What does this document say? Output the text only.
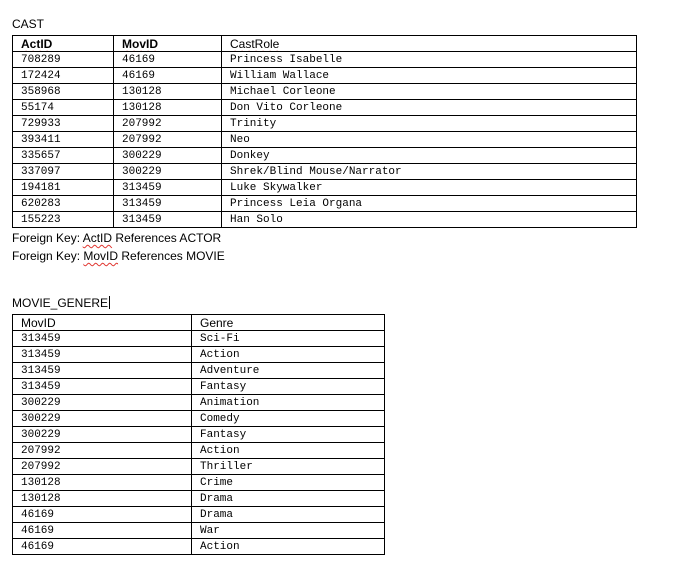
CAST
ActID	MovID	CastRole
708289	46169	Princess Isabelle
172424	46169	William Wallace
358968	130128	Michael Corleone
55174	130128	Don Vito Corleone
729933	207992	Trinity
393411	207992	Neo
335657	300229	Donkey
337097	300229	Shrek/Blind Mouse/Narrator
194181	313459	Luke Skywalker
620283	313459	Princess Leia Organa
155223	313459	Han Solo
Foreign Key: ActID References ACTOR
Foreign Key: MovID References MOVIE
MOVIE_GENERE
MovID	Genre
313459	Sci-Fi
313459	Action
313459	Adventure
313459	Fantasy
300229	Animation
300229	Comedy
300229	Fantasy
207992	Action
207992	Thriller
130128	Crime
130128	Drama
46169	Drama
46169	War
46169	Action
